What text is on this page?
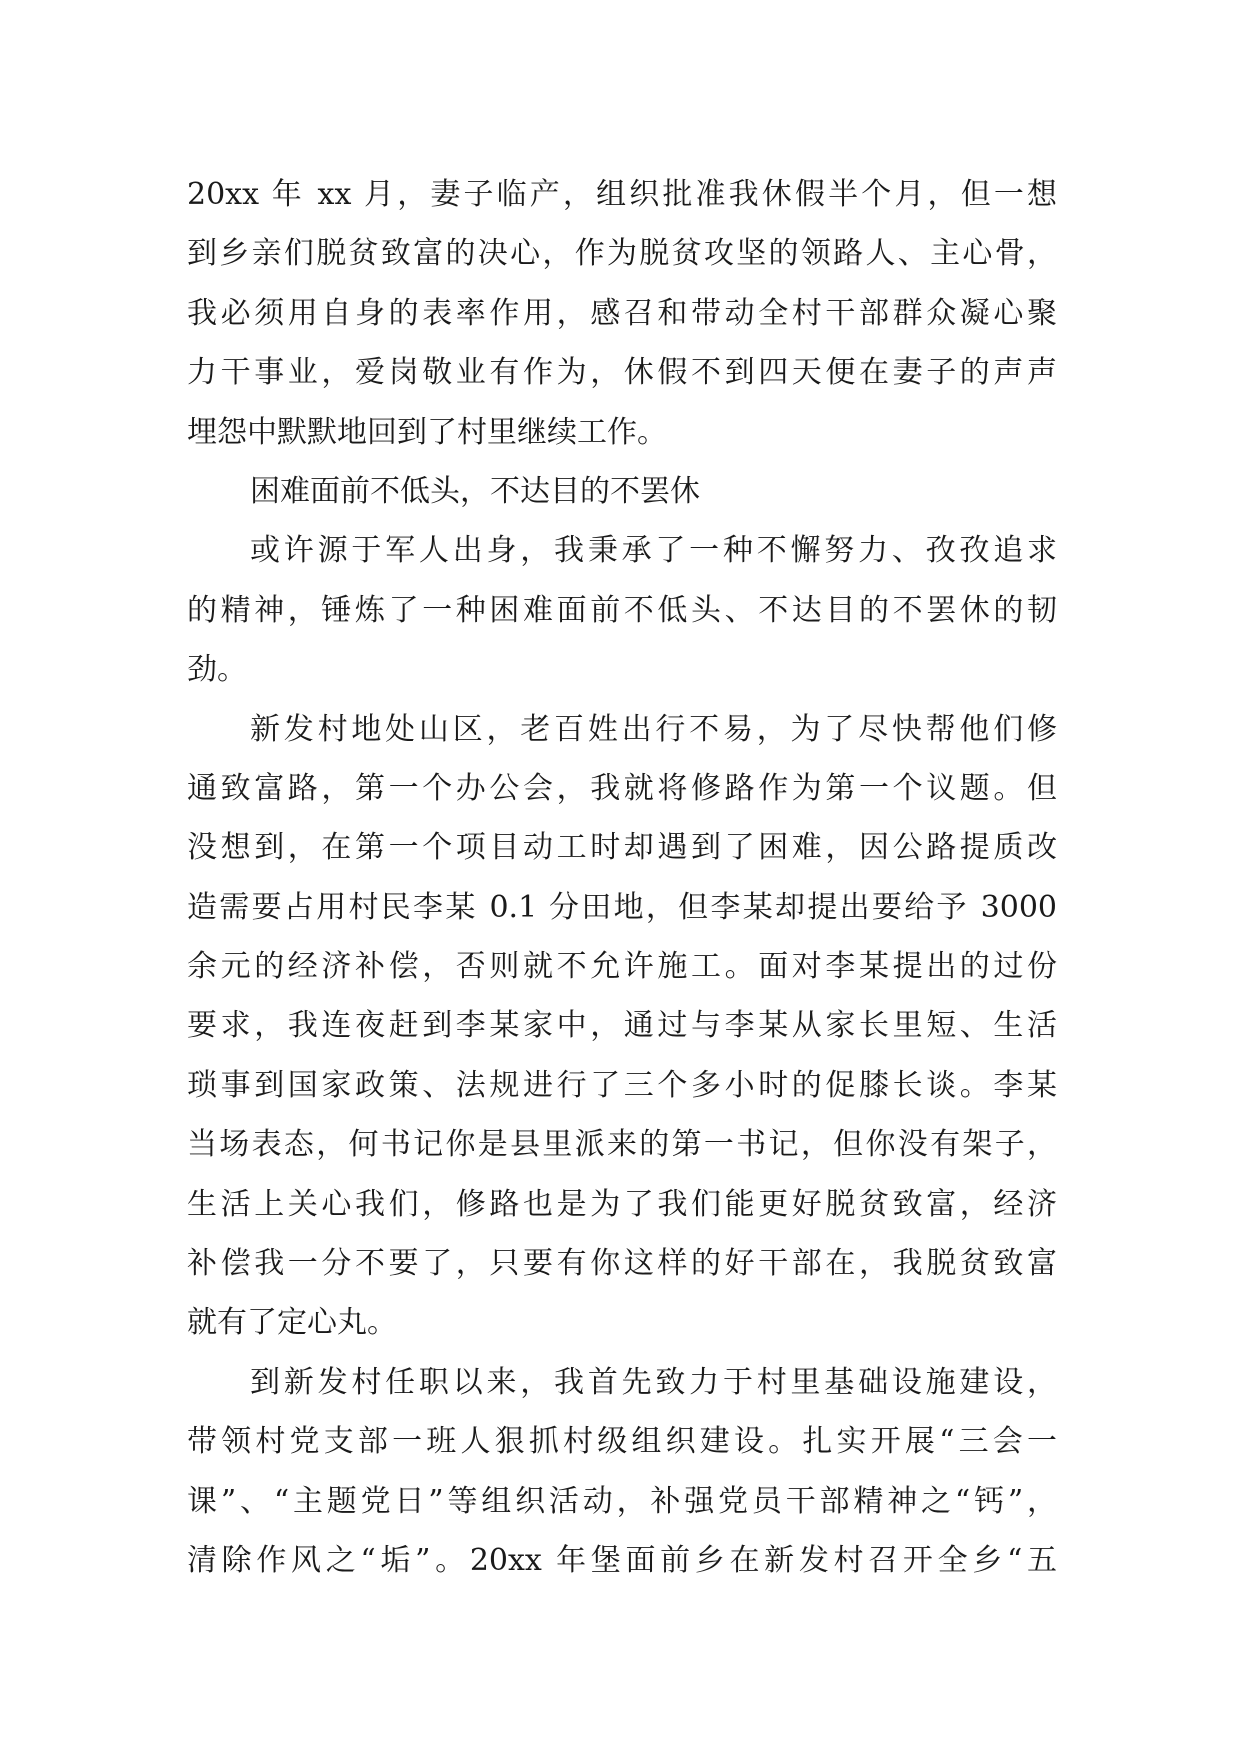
20xx 年 xx 月，妻子临产，组织批准我休假半个月，但一想
到乡亲们脱贫致富的决心，作为脱贫攻坚的领路人、主心骨，
我必须用自身的表率作用，感召和带动全村干部群众凝心聚
力干事业，爱岗敬业有作为，休假不到四天便在妻子的声声
埋怨中默默地回到了村里继续工作。
困难面前不低头，不达目的不罢休
或许源于军人出身，我秉承了一种不懈努力、孜孜追求
的精神，锤炼了一种困难面前不低头、不达目的不罢休的韧
劲。
新发村地处山区，老百姓出行不易，为了尽快帮他们修
通致富路，第一个办公会，我就将修路作为第一个议题。但
没想到，在第一个项目动工时却遇到了困难，因公路提质改
造需要占用村民李某 0.1 分田地，但李某却提出要给予 3000
余元的经济补偿，否则就不允许施工。面对李某提出的过份
要求，我连夜赶到李某家中，通过与李某从家长里短、生活
琐事到国家政策、法规进行了三个多小时的促膝长谈。李某
当场表态，何书记你是县里派来的第一书记，但你没有架子，
生活上关心我们，修路也是为了我们能更好脱贫致富，经济
补偿我一分不要了，只要有你这样的好干部在，我脱贫致富
就有了定心丸。
到新发村任职以来，我首先致力于村里基础设施建设，
带领村党支部一班人狠抓村级组织建设。扎实开展“三会一
课”、“主题党日”等组织活动，补强党员干部精神之“钙”，
清除作风之“垢”。20xx 年堡面前乡在新发村召开全乡“五
